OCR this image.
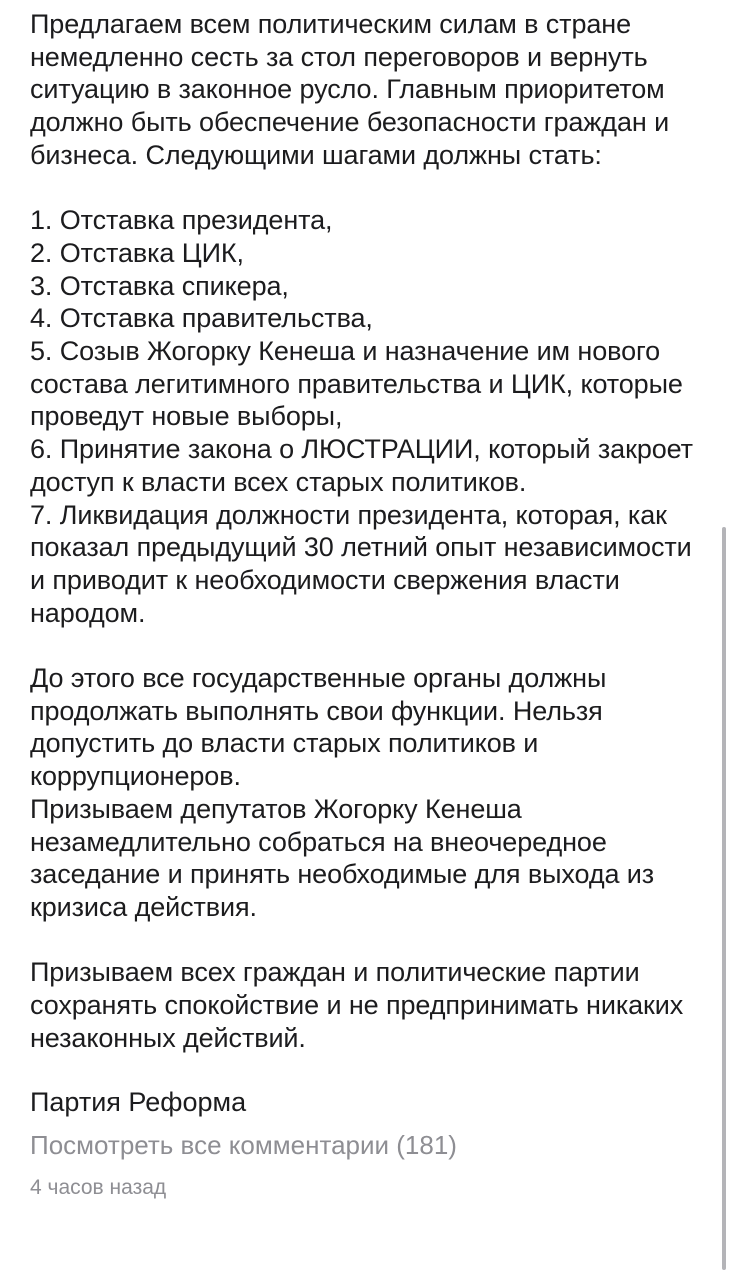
Предлагаем всем политическим силам в стране немедленно сесть за стол переговоров и вернуть ситуацию в законное русло. Главным приоритетом должно быть обеспечение безопасности граждан и бизнеса. Следующими шагами должны стать:

1. Отставка президента,
2. Отставка ЦИК,
3. Отставка спикера,
4. Отставка правительства,
5. Созыв Жогорку Кенеша и назначение им нового состава легитимного правительства и ЦИК, которые проведут новые выборы,
6. Принятие закона о ЛЮСТРАЦИИ, который закроет доступ к власти всех старых политиков.
7. Ликвидация должности президента, которая, как показал предыдущий 30 летний опыт независимости и приводит к необходимости свержения власти народом.

До этого все государственные органы должны продолжать выполнять свои функции. Нельзя допустить до власти старых политиков и коррупционеров.

Призываем депутатов Жогорку Кенеша незамедлительно собраться на внеочередное заседание и принять необходимые для выхода из кризиса действия.

Призываем всех граждан и политические партии сохранять спокойствие и не предпринимать никаких незаконных действий.

Партия Реформа
Посмотреть все комментарии (181)
4 часов назад
